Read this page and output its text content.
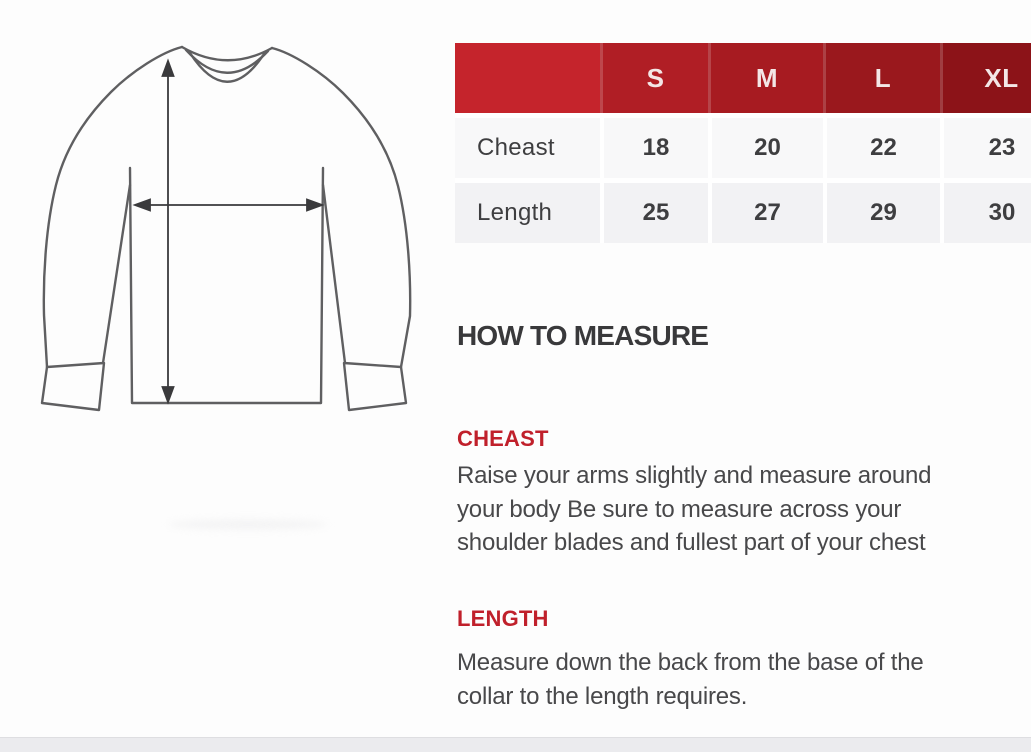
	S	M	L	XL
Cheast	18	20	22	23
Length	25	27	29	30
HOW TO MEASURE
CHEAST
Raise your arms slightly and measure around
your body Be sure to measure across your
shoulder blades and fullest part of your chest
LENGTH
Measure down the back from the base of the
collar to the length requires.
